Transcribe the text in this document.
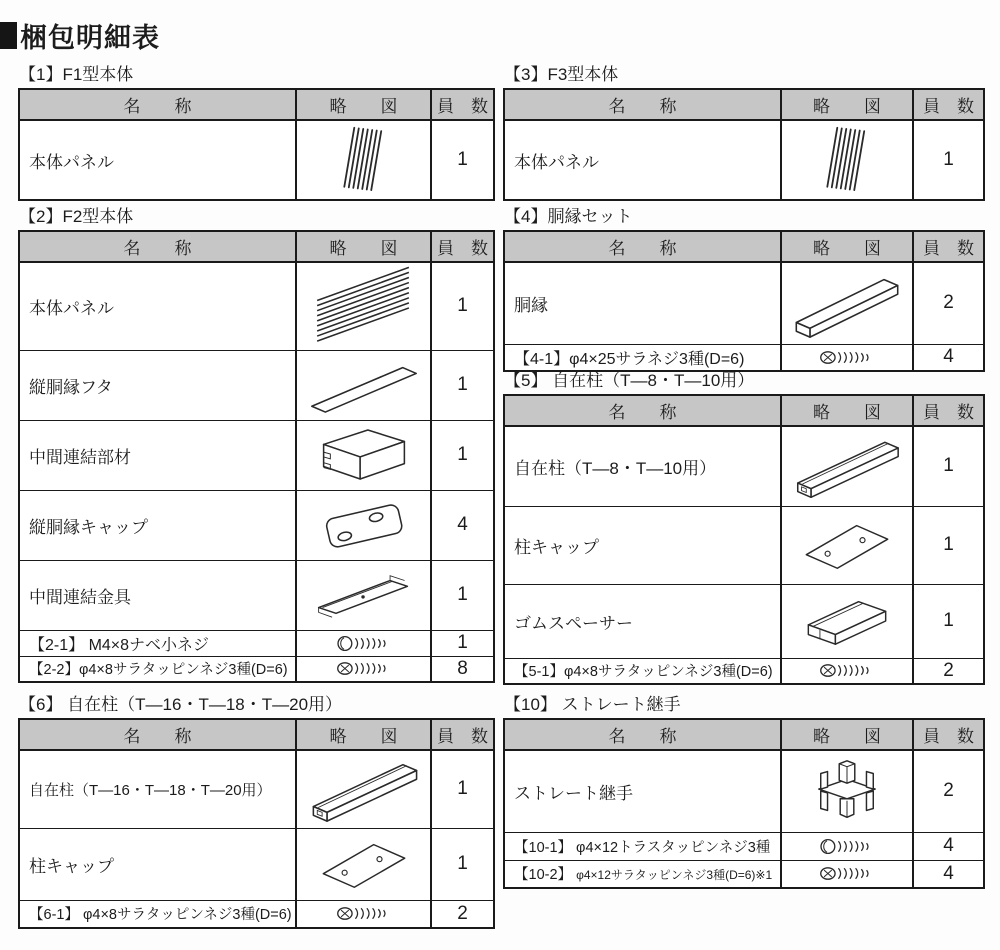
梱包明細表
【1】F1型本体
名　　称	略　　図	員　数
本体パネル		1
【2】F2型本体
名　　称	略　　図	員　数
本体パネル		1
縦胴縁フタ		1
中間連結部材		1
縦胴縁キャップ		4
中間連結金具		1
【2-1】 M4×8ナベ小ネジ		1
【2-2】φ4×8サラタッピンネジ3種(D=6)		8
【6】 自在柱（T—16・T—18・T—20用）
名　　称	略　　図	員　数
自在柱（T—16・T—18・T—20用）		1
柱キャップ		1
【6-1】 φ4×8サラタッピンネジ3種(D=6)		2
【3】F3型本体
名　　称	略　　図	員　数
本体パネル		1
【4】胴縁セット
名　　称	略　　図	員　数
胴縁		2
【4-1】φ4×25サラネジ3種(D=6)		4
【5】 自在柱（T—8・T—10用）
名　　称	略　　図	員　数
自在柱（T—8・T—10用）		1
柱キャップ		1
ゴムスペーサー		1
【5-1】φ4×8サラタッピンネジ3種(D=6)		2
【10】 ストレート継手
名　　称	略　　図	員　数
ストレート継手		2
【10-1】 φ4×12トラスタッピンネジ3種		4
【10-2】 φ4×12サラタッピンネジ3種(D=6)※1		4
